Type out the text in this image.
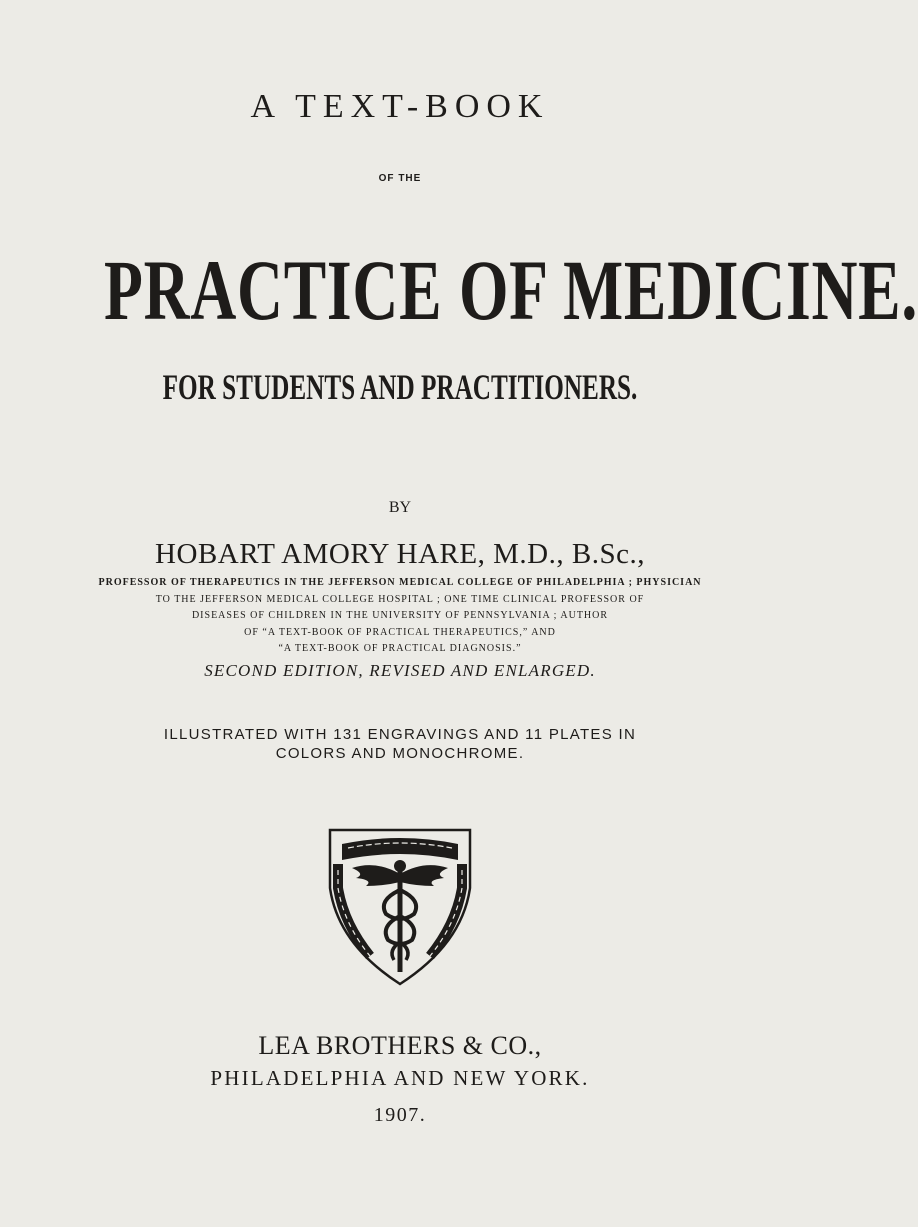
A TEXT-BOOK
OF THE
PRACTICE OF MEDICINE.
FOR STUDENTS AND PRACTITIONERS.
BY
HOBART AMORY HARE, M.D., B.Sc.,
PROFESSOR OF THERAPEUTICS IN THE JEFFERSON MEDICAL COLLEGE OF PHILADELPHIA ; PHYSICIAN
TO THE JEFFERSON MEDICAL COLLEGE HOSPITAL ; ONE TIME CLINICAL PROFESSOR OF
DISEASES OF CHILDREN IN THE UNIVERSITY OF PENNSYLVANIA ; AUTHOR
OF “A TEXT-BOOK OF PRACTICAL THERAPEUTICS,” AND
“A TEXT-BOOK OF PRACTICAL DIAGNOSIS.”
SECOND EDITION, REVISED AND ENLARGED.
ILLUSTRATED WITH 131 ENGRAVINGS AND 11 PLATES IN
COLORS AND MONOCHROME.
LEA BROTHERS & CO.,
PHILADELPHIA AND NEW YORK.
1907.
